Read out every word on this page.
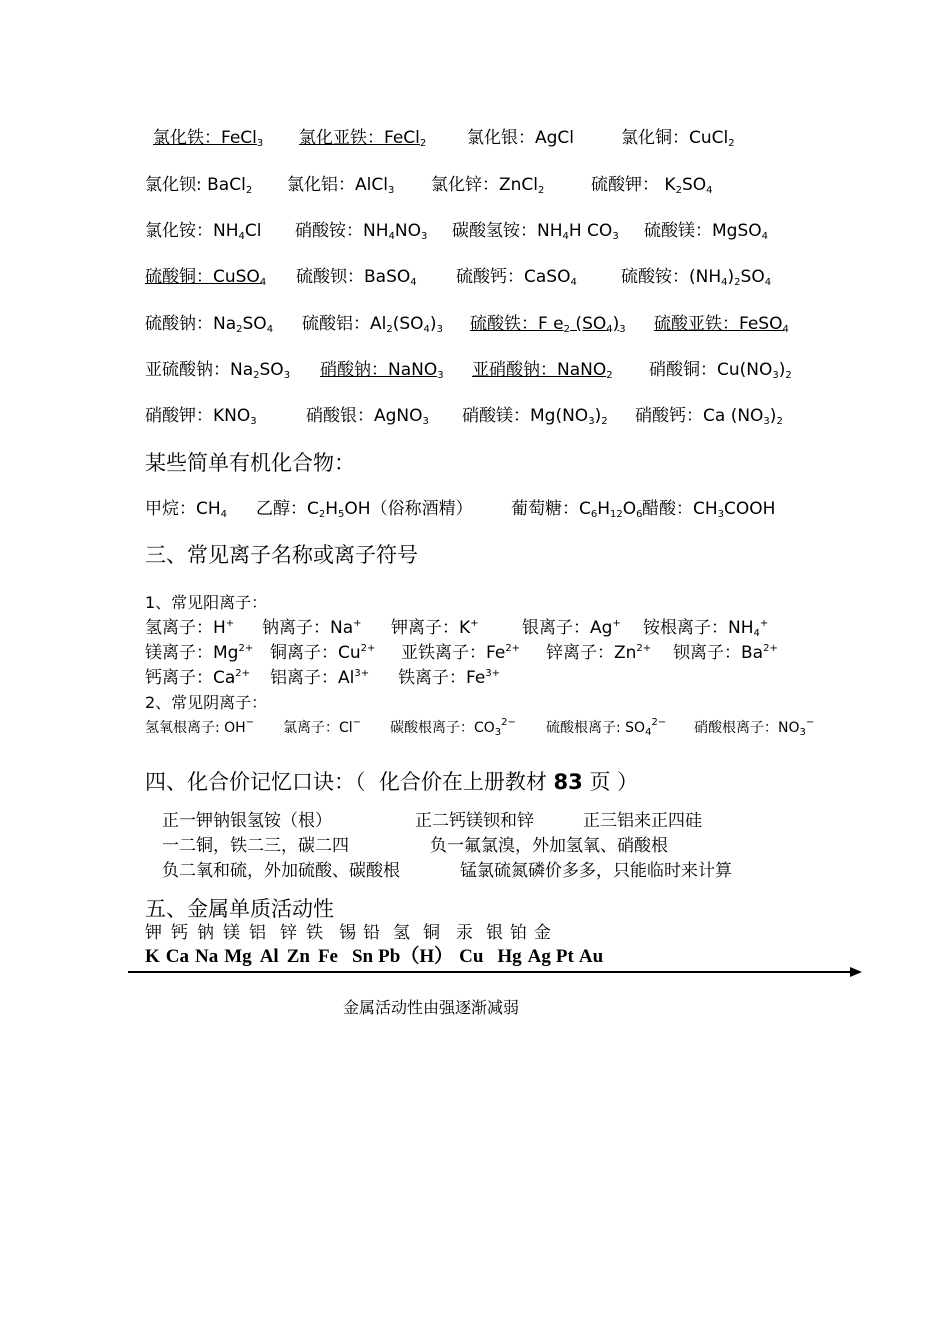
氯化铁：FeCl$_3$ 氯化亚铁：FeCl$_2$ 氯化银：AgCl	氯化铜：CuCl$_2$
氯化钡: BaCl$_2$ 氯化铝：AlCl$_3$ 氯化锌：ZnCl$_2$	硫酸钾： $K_2SO_4$
氯化铵：$NH_4Cl$ 硝酸铵：$NH_4NO_3$ 碳酸氢铵：$NH_4H$ $CO_3$ 硫酸镁：MgSO$_4$
硫酸铜：CuSO$_4$ 硫酸钡：BaSO$_4$ 硫酸钙：CaSO$_4$	硫酸铵：$(NH_4)_2SO_4$
硫酸钠：$Na_2SO_4$ 硫酸铝：$Al_2(SO_4)_3$ 硫酸铁：F $e_2$ $(SO_4)_3$ 硫酸亚铁：FeSO$_4$
亚硫酸钠：$Na_2SO_3$ 硝酸钠：NaNO$_3$ 亚硝酸钠：NaNO$_2$ 硝酸铜：$Cu(NO_3)_2$
硝酸钾：$KNO_3$	硝酸银：AgNO$_3$ 硝酸镁：$Mg(NO_3)_2$ 硝酸钙：Ca $(NO_3)_2$
某些简单有机化合物：
甲烷：$CH_4$ 乙醇：$C_2H_5OH$（俗称酒精） 葡萄糖：$C_6H_{12}O_6$醋酸：$CH_3COOH$
三、常见离子名称或离子符号
1、常见阳离子：
氢离子：H+ 钠离子：Na+ 钾离子：K+	银离子：Ag+ 铵根离子：$NH_4^+$
镁离子：$Mg^{2+}$ 铜离子：$Cu^{2+}$ 亚铁离子：$Fe^{2+}$ 锌离子：$Zn^{2+}$ 钡离子：$Ba^{2+}$
钙离子：$Ca^{2+}$ 铝离子：$Al^{3+}$ 铁离子：$Fe^{3+}$
2、常见阴离子：
氢氧根离子: OH− 氯离子：Cl− 碳酸根离子：$CO_3^{2-}$ 硫酸根离子: $SO_4^{2-}$ 硝酸根离子：$NO_3^-$
四、化合价记忆口诀：（  化合价在上册教材 83 页 ）
正一钾钠银氢铵（根）	正二钙镁钡和锌	正三铝来正四硅
一二铜，铁二三，碳二四	负一氟氯溴，外加氢氧、硝酸根
负二氧和硫，外加硫酸、碳酸根	锰氯硫氮磷价多多，只能临时来计算
五、金属单质活动性
钾 钙 钠 镁 铝 锌 铁 锡 铅 氢 铜 汞 银 铂 金
K Ca Na Mg Al Zn Fe Sn Pb（H） Cu Hg Ag Pt Au
金属活动性由强逐渐减弱
